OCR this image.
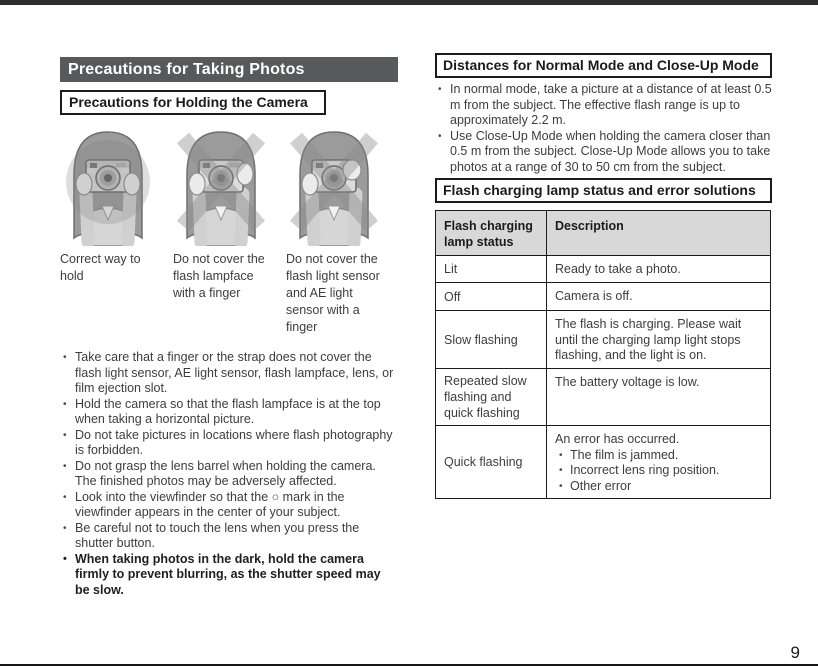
Precautions for Taking Photos
Precautions for Holding the Camera
Correct way to hold
Do not cover the flash lampface with a finger
Do not cover the flash light sensor and AE light sensor with a finger
• Take care that a finger or the strap does not cover the flash light sensor, AE light sensor, flash lampface, lens, or film ejection slot.
• Hold the camera so that the flash lampface is at the top when taking a horizontal picture.
• Do not take pictures in locations where flash photography is forbidden.
• Do not grasp the lens barrel when holding the camera. The finished photos may be adversely affected.
• Look into the viewfinder so that the ○ mark in the viewfinder appears in the center of your subject.
• Be careful not to touch the lens when you press the shutter button.
• When taking photos in the dark, hold the camera firmly to prevent blurring, as the shutter speed may be slow.
Distances for Normal Mode and Close-Up Mode
• In normal mode, take a picture at a distance of at least 0.5 m from the subject. The effective flash range is up to approximately 2.2 m.
• Use Close-Up Mode when holding the camera closer than 0.5 m from the subject. Close-Up Mode allows you to take photos at a range of 30 to 50 cm from the subject.
Flash charging lamp status and error solutions
Flash charging lamp status	Description
Lit	Ready to take a photo.
Off	Camera is off.
Slow flashing	The flash is charging. Please wait until the charging lamp light stops flashing, and the light is on.
Repeated slow flashing and quick flashing	The battery voltage is low.
Quick flashing	An error has occurred.
• The film is jammed.
• Incorrect lens ring position.
• Other error
9
